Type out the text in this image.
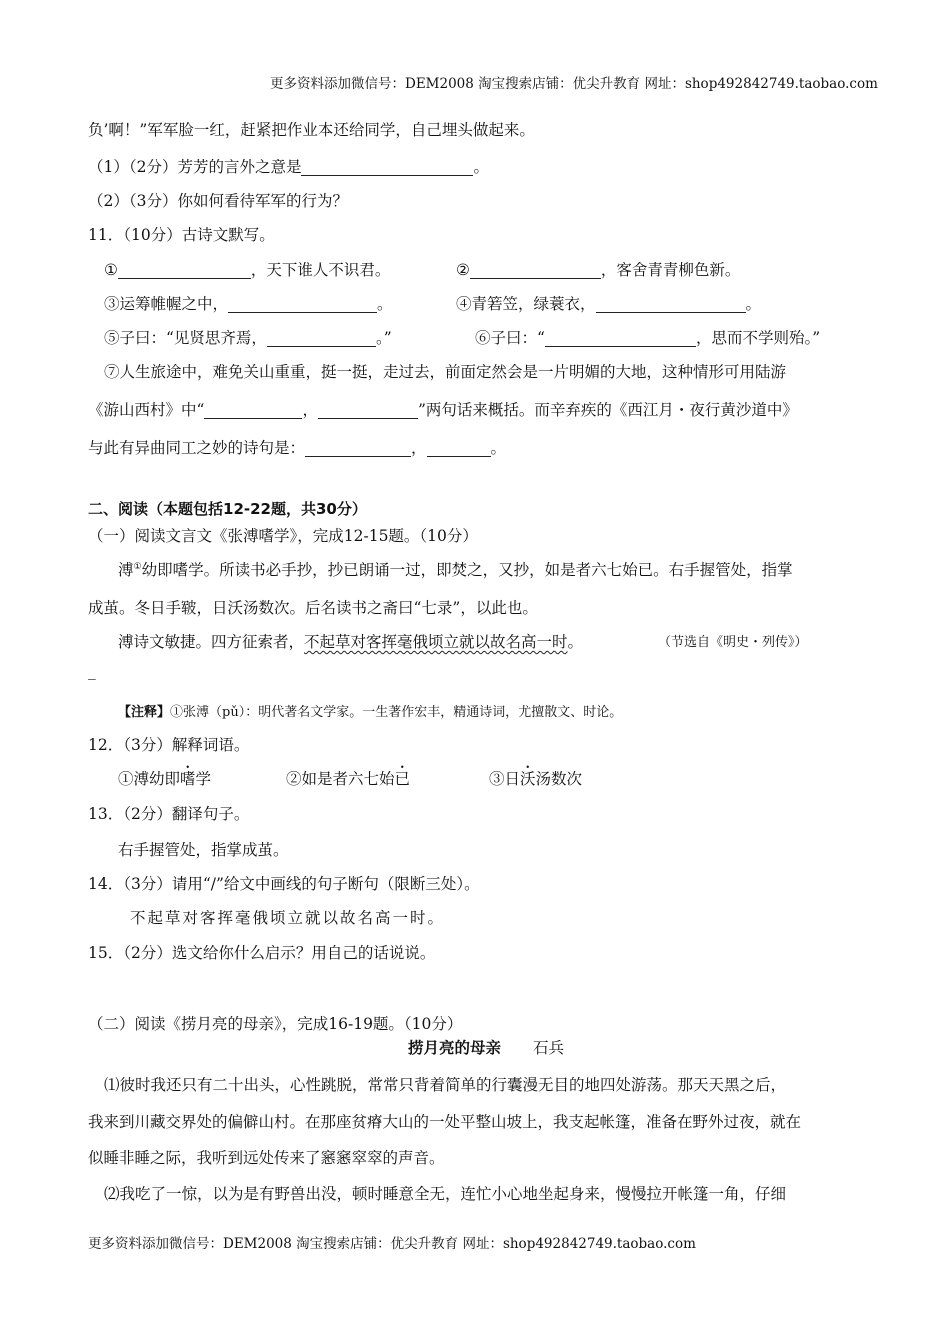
更多资料添加微信号：DEM2008 淘宝搜索店铺：优尖升教育 网址：shop492842749.taobao.com
负’啊！”军军脸一红，赶紧把作业本还给同学，自己埋头做起来。
（1）（2分）芳芳的言外之意是	。
（2）（3分）你如何看待军军的行为？
11．（10分）古诗文默写。
①	，天下谁人不识君。	②	，客舍青青柳色新。
③运筹帷幄之中，	。	④青箬笠，绿蓑衣，	。
⑤子曰：“见贤思齐焉，	。”	⑥子曰：“	，思而不学则殆。”
⑦人生旅途中，难免关山重重，挺一挺，走过去，前面定然会是一片明媚的大地，这种情形可用陆游
《游山西村》中“	，	”两句话来概括。而辛弃疾的《西江月・夜行黄沙道中》
与此有异曲同工之妙的诗句是：	，	。
二、阅读（本题包括12-22题，共30分）
（一）阅读文言文《张溥嗜学》，完成12-15题。（10分）
溥①幼即嗜学。所读书必手抄，抄已朗诵一过，即焚之，又抄，如是者六七始已。右手握管处，指掌
成茧。冬日手皲，日沃汤数次。后名读书之斋曰“七录”，以此也。
溥诗文敏捷。四方征索者，不起草对客挥毫俄顷立就以故名高一时。	（节选自《明史・列传》）
_
【注释】①张溥（pǔ）：明代著名文学家。一生著作宏丰，精通诗词，尤擅散文、时论。
12．（3分）解释词语。
①溥幼即嗜学	②如是者六七始已	③日沃汤数次
13．（2分）翻译句子。
右手握管处，指掌成茧。
14．（3分）请用“/”给文中画线的句子断句（限断三处）。
不起草对客挥毫俄顷立就以故名高一时。
15．（2分）选文给你什么启示？用自己的话说说。
（二）阅读《捞月亮的母亲》，完成16-19题。（10分）
捞月亮的母亲 石兵
⑴彼时我还只有二十出头，心性跳脱，常常只背着简单的行囊漫无目的地四处游荡。那天天黑之后，
我来到川藏交界处的偏僻山村。在那座贫瘠大山的一处平整山坡上，我支起帐篷，准备在野外过夜，就在
似睡非睡之际，我听到远处传来了窸窸窣窣的声音。
⑵我吃了一惊，以为是有野兽出没，顿时睡意全无，连忙小心地坐起身来，慢慢拉开帐篷一角，仔细
更多资料添加微信号：DEM2008 淘宝搜索店铺：优尖升教育 网址：shop492842749.taobao.com
